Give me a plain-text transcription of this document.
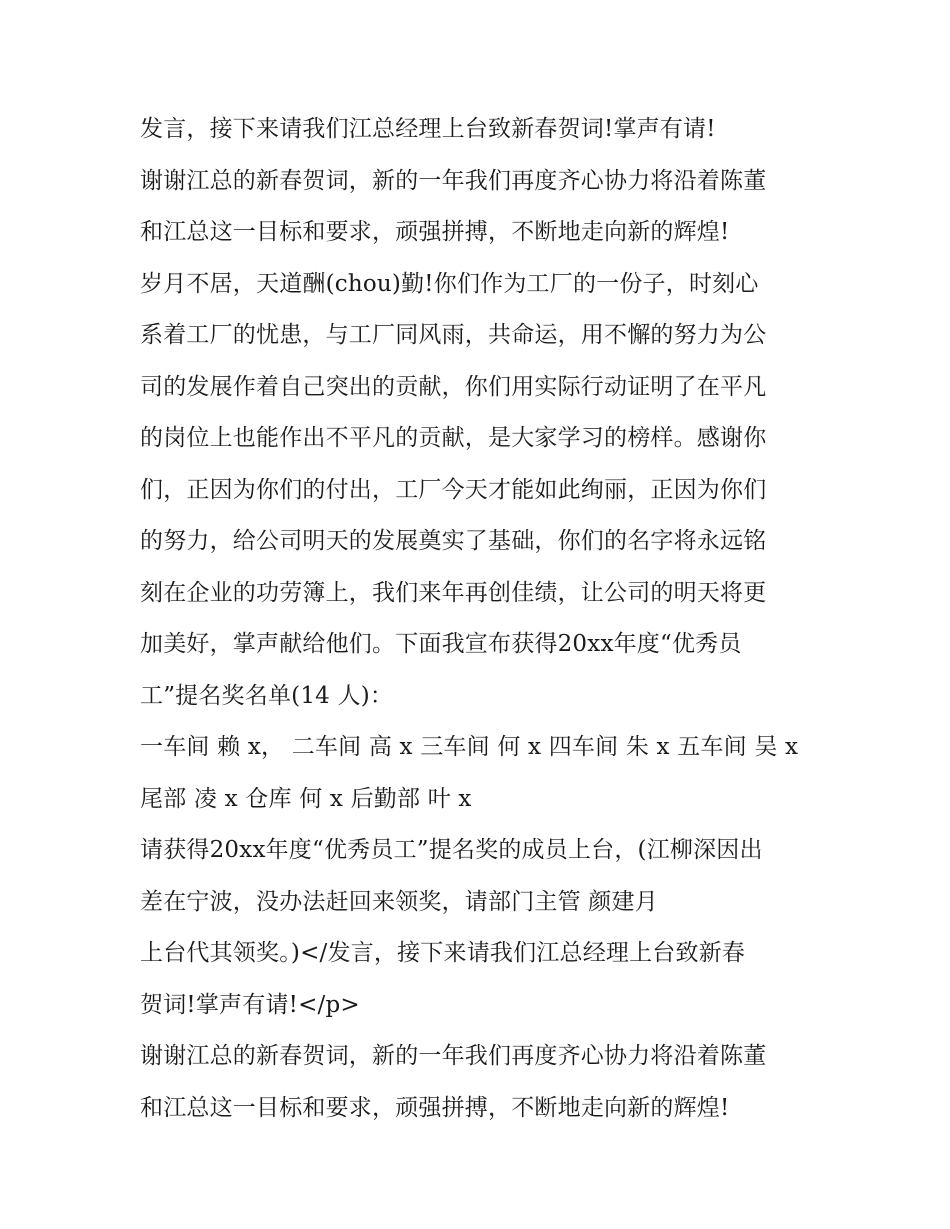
发言，接下来请我们江总经理上台致新春贺词!掌声有请!
谢谢江总的新春贺词，新的一年我们再度齐心协力将沿着陈董
和江总这一目标和要求，顽强拼搏，不断地走向新的辉煌!
岁月不居，天道酬(chou)勤!你们作为工厂的一份子，时刻心
系着工厂的忧患，与工厂同风雨，共命运，用不懈的努力为公
司的发展作着自己突出的贡献，你们用实际行动证明了在平凡
的岗位上也能作出不平凡的贡献，是大家学习的榜样。感谢你
们，正因为你们的付出，工厂今天才能如此绚丽，正因为你们
的努力，给公司明天的发展奠实了基础，你们的名字将永远铭
刻在企业的功劳簿上，我们来年再创佳绩，让公司的明天将更
加美好，掌声献给他们。下面我宣布获得20xx年度“优秀员
工”提名奖名单(14 人)：
一车间 赖 x， 二车间 高 x 三车间 何 x 四车间 朱 x 五车间 吴 x
尾部 凌 x 仓库 何 x 后勤部 叶 x
请获得20xx年度“优秀员工”提名奖的成员上台，(江柳深因出
差在宁波，没办法赶回来领奖，请部门主管 颜建月
上台代其领奖。)</发言，接下来请我们江总经理上台致新春
贺词!掌声有请!</p>
谢谢江总的新春贺词，新的一年我们再度齐心协力将沿着陈董
和江总这一目标和要求，顽强拼搏，不断地走向新的辉煌!
